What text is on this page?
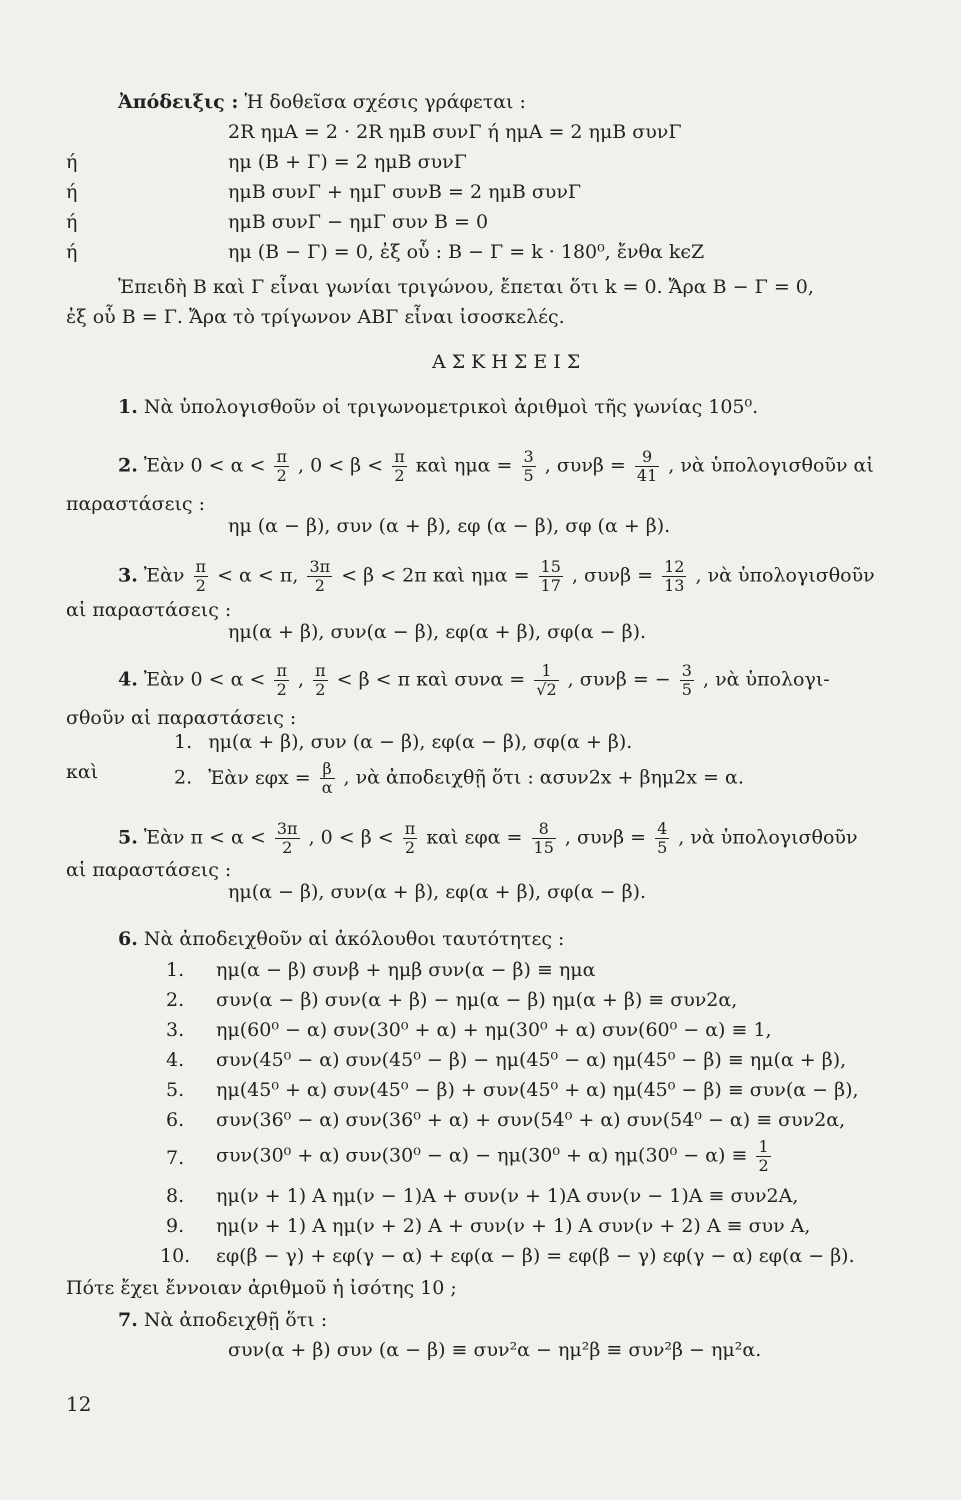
Ἀπόδειξις : Ἡ δοθεῖσα σχέσις γράφεται :
2R ημΑ = 2 · 2R ημΒ συνΓ ή ημΑ = 2 ημΒ συνΓ
ή	ημ (Β + Γ) = 2 ημΒ συνΓ
ή	ημΒ συνΓ + ημΓ συνΒ = 2 ημΒ συνΓ
ή	ημΒ συνΓ − ημΓ συν Β = 0
ή	ημ (Β − Γ) = 0, ἐξ οὗ : Β − Γ = k · 180⁰, ἔνθα kϵZ
Ἐπειδὴ Β καὶ Γ εἶναι γωνίαι τριγώνου, ἔπεται ὅτι k = 0. Ἄρα Β − Γ = 0,
ἐξ οὗ Β = Γ. Ἄρα τὸ τρίγωνον ΑΒΓ εἶναι ἰσοσκελές.
ΑΣΚΗΣΕΙΣ
1. Νὰ ὑπολογισθοῦν οἱ τριγωνομετρικοὶ ἀριθμοὶ τῆς γωνίας 105⁰.
2. Ἐὰν $0 < \alpha < \frac{\pi}{2}$ , $0 < \beta < \frac{\pi}{2}$ καὶ $\eta\mu\alpha = \frac{3}{5}$ , $\sigma\upsilon\nu\beta = \frac{9}{41}$ , νὰ ὑπολογισθοῦν αἱ
παραστάσεις :
ημ (α − β), συν (α + β), εφ (α − β), σφ (α + β).
3. Ἐὰν $\frac{\pi}{2} < \alpha < \pi$, $\frac{3\pi}{2} < \beta < 2\pi$ καὶ $\eta\mu\alpha = \frac{15}{17}$ , $\sigma\upsilon\nu\beta = \frac{12}{13}$ , νὰ ὑπολογισθοῦν
αἱ παραστάσεις :
ημ(α + β), συν(α − β), εφ(α + β), σφ(α − β).
4. Ἐὰν $0 < \alpha < \frac{\pi}{2}$ , $\frac{\pi}{2} < \beta < \pi$ καὶ $\sigma\upsilon\nu\alpha = \frac{1}{√2}$ , συνβ = − $\frac{3}{5}$ , νὰ ὑπολογι-
σθοῦν αἱ παραστάσεις :
1. ημ(α + β), συν (α − β), εφ(α − β), σφ(α + β).
καὶ	2. Ἐὰν $\varepsilon\varphi x = \frac{\beta}{\alpha}$ , νὰ ἀποδειχθῇ ὅτι : ασυν2x + βημ2x = α.
5. Ἐὰν $\pi < \alpha < \frac{3\pi}{2}$ , $0 < \beta < \frac{\pi}{2}$ καὶ $\varepsilon\varphi\alpha = \frac{8}{15}$ , $\sigma\upsilon\nu\beta = \frac{4}{5}$ , νὰ ὑπολογισθοῦν
αἱ παραστάσεις :
ημ(α − β), συν(α + β), εφ(α + β), σφ(α − β).
6. Νὰ ἀποδειχθοῦν αἱ ἀκόλουθοι ταυτότητες :
1. ημ(α − β) συνβ + ημβ συν(α − β) ≡ ημα
2. συν(α − β) συν(α + β) − ημ(α − β) ημ(α + β) ≡ συν2α,
3. ημ(60⁰ − α) συν(30⁰ + α) + ημ(30⁰ + α) συν(60⁰ − α) ≡ 1,
4. συν(45⁰ − α) συν(45⁰ − β) − ημ(45⁰ − α) ημ(45⁰ − β) ≡ ημ(α + β),
5. ημ(45⁰ + α) συν(45⁰ − β) + συν(45⁰ + α) ημ(45⁰ − β) ≡ συν(α − β),
6. συν(36⁰ − α) συν(36⁰ + α) + συν(54⁰ + α) συν(54⁰ − α) ≡ συν2α,
7. συν(30⁰ + α) συν(30⁰ − α) − ημ(30⁰ + α) $\eta\mu(30^0 - \alpha) \equiv \frac{1}{2}$
8. ημ(ν + 1) Α ημ(ν − 1)Α + συν(ν + 1)Α συν(ν − 1)Α ≡ συν2Α,
9. ημ(ν + 1) Α ημ(ν + 2) Α + συν(ν + 1) Α συν(ν + 2) Α ≡ συν Α,
10. εφ(β − γ) + εφ(γ − α) + εφ(α − β) = εφ(β − γ) εφ(γ − α) εφ(α − β).
Πότε ἔχει ἔννοιαν ἀριθμοῦ ἡ ἰσότης 10 ;
7. Νὰ ἀποδειχθῇ ὅτι :
συν(α + β) συν (α − β) ≡ συν²α − ημ²β ≡ συν²β − ημ²α.
12
